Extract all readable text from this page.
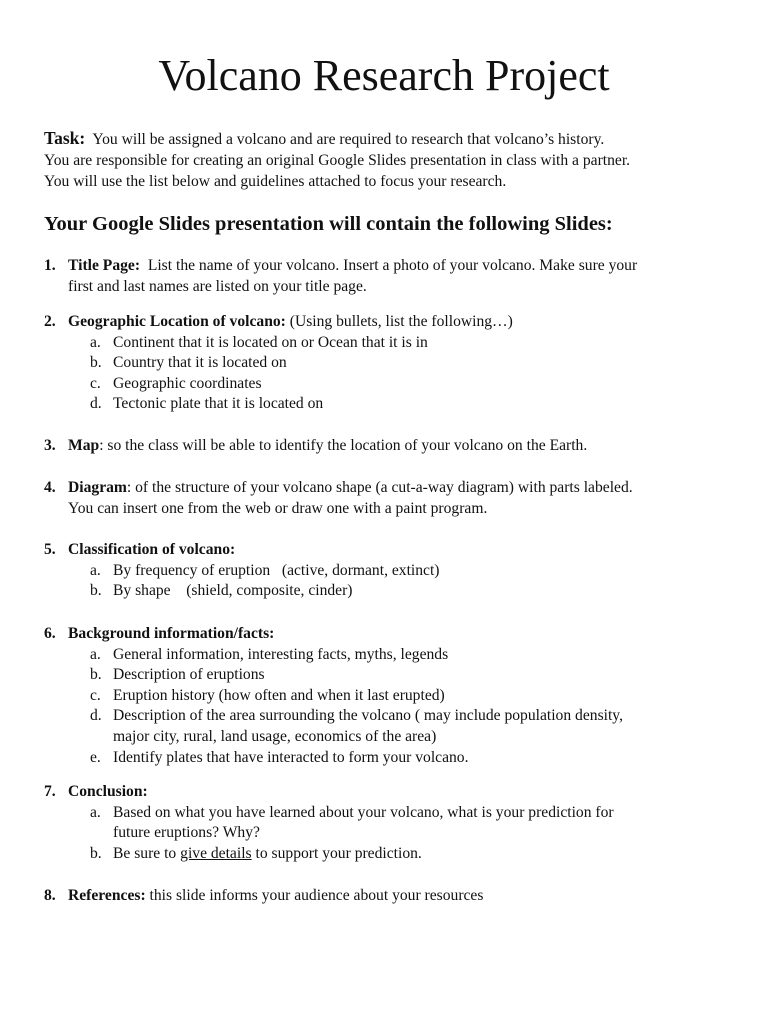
Volcano Research Project

Task: You will be assigned a volcano and are required to research that volcano’s history.
You are responsible for creating an original Google Slides presentation in class with a partner.
You will use the list below and guidelines attached to focus your research.

Your Google Slides presentation will contain the following Slides:
1. Title Page: List the name of your volcano. Insert a photo of your volcano. Make sure your
first and last names are listed on your title page.
2. Geographic Location of volcano: (Using bullets, list the following…)
a. Continent that it is located on or Ocean that it is in
b. Country that it is located on
c. Geographic coordinates
d. Tectonic plate that it is located on
3. Map: so the class will be able to identify the location of your volcano on the Earth.
4. Diagram: of the structure of your volcano shape (a cut-a-way diagram) with parts labeled.
You can insert one from the web or draw one with a paint program.
5. Classification of volcano:
a. By frequency of eruption   (active, dormant, extinct)
b. By shape    (shield, composite, cinder)
6. Background information/facts:
a. General information, interesting facts, myths, legends
b. Description of eruptions
c. Eruption history (how often and when it last erupted)
d. Description of the area surrounding the volcano ( may include population density,
major city, rural, land usage, economics of the area)
e. Identify plates that have interacted to form your volcano.
7. Conclusion:
a. Based on what you have learned about your volcano, what is your prediction for
future eruptions? Why?
b. Be sure to give details to support your prediction.
8. References: this slide informs your audience about your resources
